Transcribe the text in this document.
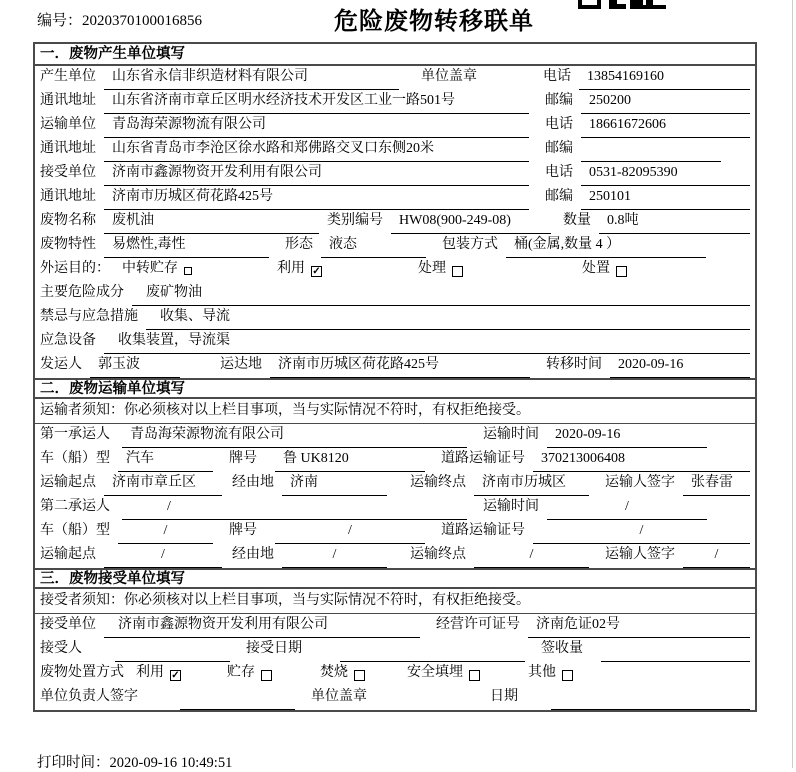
编号：2020370100016856	危险废物转移联单
一．废物产生单位填写
产生单位	山东省永信非织造材料有限公司	单位盖章	电话	13854169160
通讯地址	山东省济南市章丘区明水经济技术开发区工业一路501号	邮编	250200
运输单位	青岛海荣源物流有限公司	电话	18661672606
通讯地址	山东省青岛市李沧区徐水路和郑佛路交叉口东侧20米	邮编
接受单位	济南市鑫源物资开发利用有限公司	电话	0531-82095390
通讯地址	济南市历城区荷花路425号	邮编	250101
废物名称	废机油	类别编号	HW08(900-249-08)	数量	0.8吨
废物特性	易燃性,毒性	形态	液态	包装方式	桶(金属,数量 4 ）
外运目的： 中转贮存	利用 ✓	处理	处置
主要危险成分	废矿物油
禁忌与应急措施	收集、导流
应急设备	收集装置，导流渠
发运人	郭玉波	运达地	济南市历城区荷花路425号	转移时间	2020-09-16
二．废物运输单位填写
运输者须知：你必须核对以上栏目事项，当与实际情况不符时，有权拒绝接受。
第一承运人	青岛海荣源物流有限公司	运输时间	2020-09-16
车（船）型	汽车	牌号	鲁 UK8120	道路运输证号	370213006408
运输起点	济南市章丘区	经由地	济南	运输终点	济南市历城区	运输人签字	张春雷
第二承运人	/	运输时间	/
车（船）型	/	牌号	/	道路运输证号	/
运输起点	/	经由地	/	运输终点	/	运输人签字	/
三．废物接受单位填写
接受者须知：你必须核对以上栏目事项，当与实际情况不符时，有权拒绝接受。
接受单位	济南市鑫源物资开发利用有限公司	经营许可证号	济南危证02号
接受人	接受日期	签收量
废物处置方式 利用 ✓	贮存	焚烧	安全填埋	其他
单位负责人签字	单位盖章	日期
打印时间：2020-09-16 10:49:51
